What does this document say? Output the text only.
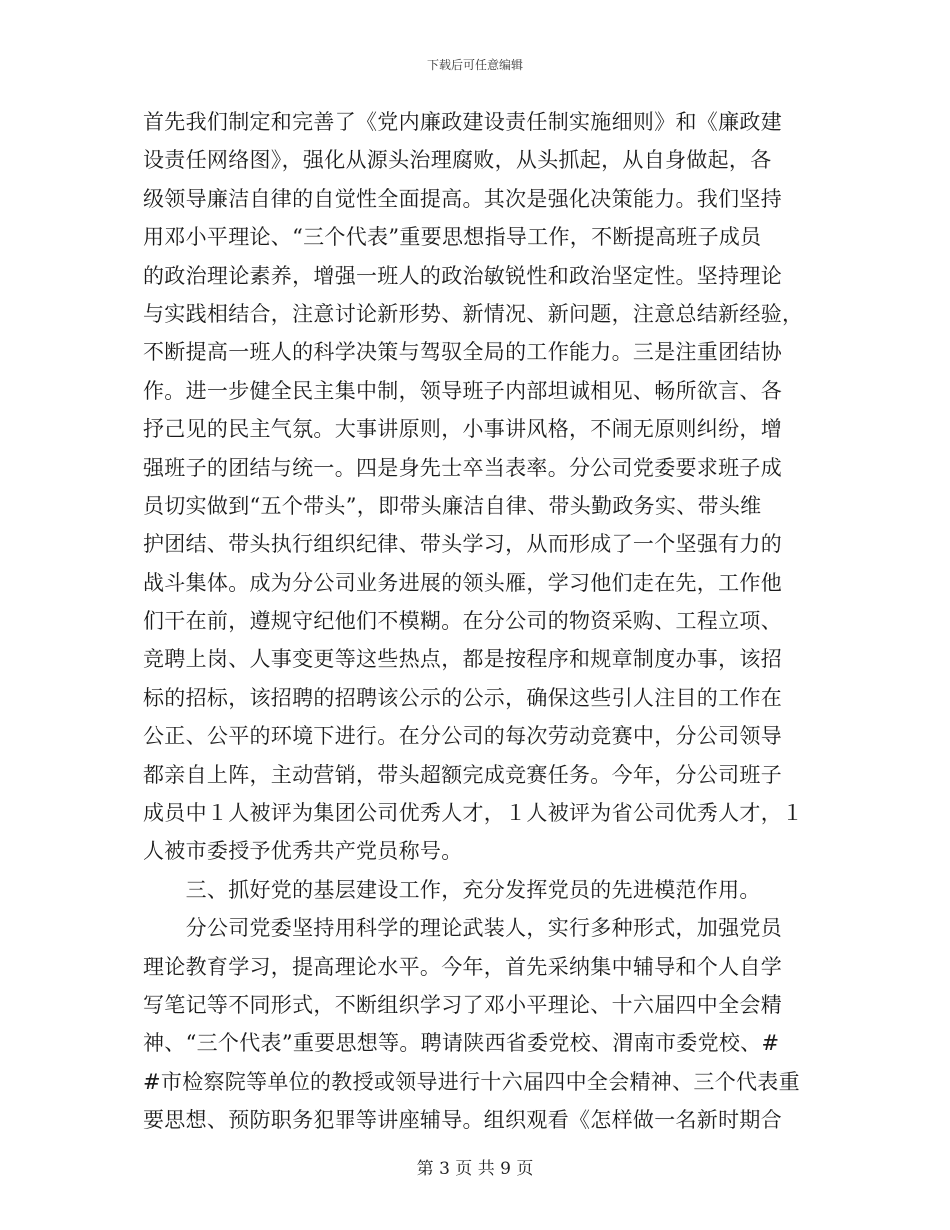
下载后可任意编辑
首先我们制定和完善了《党内廉政建设责任制实施细则》和《廉政建
设责任网络图》，强化从源头治理腐败，从头抓起，从自身做起，各
级领导廉洁自律的自觉性全面提高。其次是强化决策能力。我们坚持
用邓小平理论、“三个代表”重要思想指导工作，不断提高班子成员
的政治理论素养，增强一班人的政治敏锐性和政治坚定性。坚持理论
与实践相结合，注意讨论新形势、新情况、新问题，注意总结新经验，
不断提高一班人的科学决策与驾驭全局的工作能力。三是注重团结协
作。进一步健全民主集中制，领导班子内部坦诚相见、畅所欲言、各
抒己见的民主气氛。大事讲原则，小事讲风格，不闹无原则纠纷，增
强班子的团结与统一。四是身先士卒当表率。分公司党委要求班子成
员切实做到“五个带头”，即带头廉洁自律、带头勤政务实、带头维
护团结、带头执行组织纪律、带头学习，从而形成了一个坚强有力的
战斗集体。成为分公司业务进展的领头雁，学习他们走在先，工作他
们干在前，遵规守纪他们不模糊。在分公司的物资采购、工程立项、
竞聘上岗、人事变更等这些热点，都是按程序和规章制度办事，该招
标的招标，该招聘的招聘该公示的公示，确保这些引人注目的工作在
公正、公平的环境下进行。在分公司的每次劳动竞赛中，分公司领导
都亲自上阵，主动营销，带头超额完成竞赛任务。今年，分公司班子
成员中１人被评为集团公司优秀人才，１人被评为省公司优秀人才，１
人被市委授予优秀共产党员称号。
　　三、抓好党的基层建设工作，充分发挥党员的先进模范作用。
　　分公司党委坚持用科学的理论武装人，实行多种形式，加强党员
理论教育学习，提高理论水平。今年，首先采纳集中辅导和个人自学
写笔记等不同形式，不断组织学习了邓小平理论、十六届四中全会精
神、“三个代表”重要思想等。聘请陕西省委党校、渭南市委党校、#
#市检察院等单位的教授或领导进行十六届四中全会精神、三个代表重
要思想、预防职务犯罪等讲座辅导。组织观看《怎样做一名新时期合
第 3 页 共 9 页
